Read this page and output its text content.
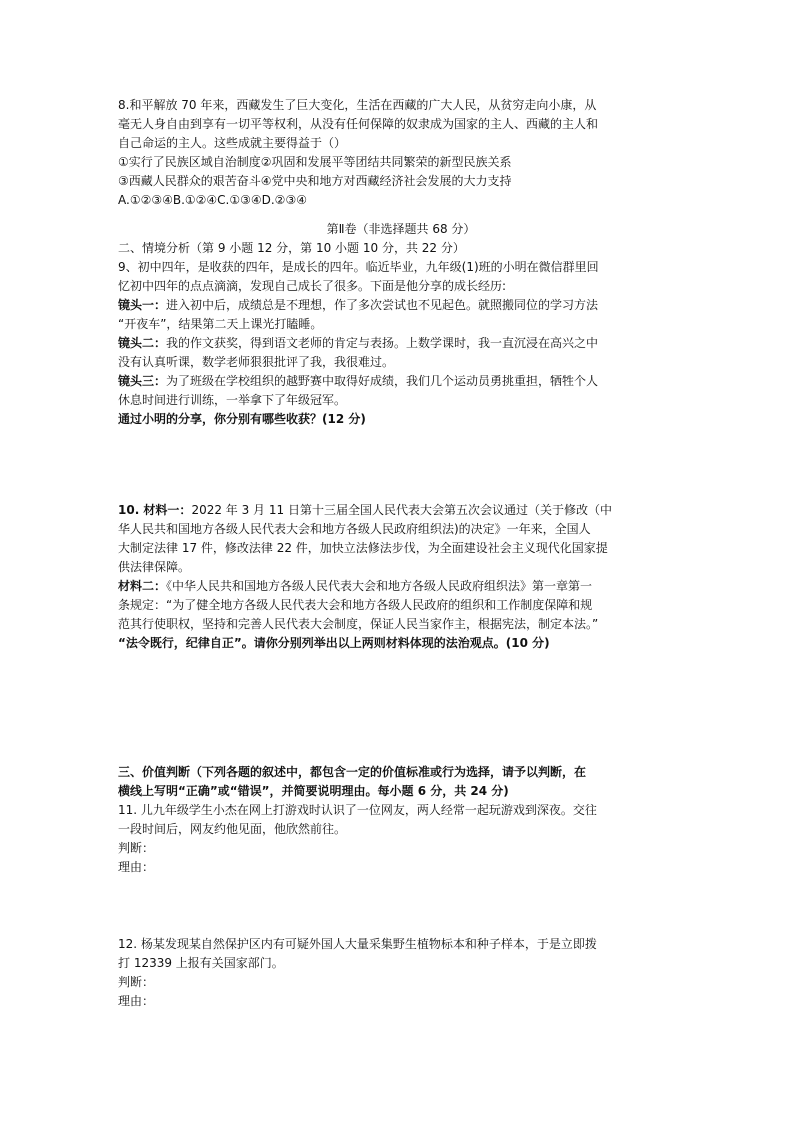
8.和平解放 70 年来，西藏发生了巨大变化，生活在西藏的广大人民，从贫穷走向小康，从

毫无人身自由到享有一切平等权利，从没有任何保障的奴隶成为国家的主人、西藏的主人和

自己命运的主人。这些成就主要得益于（）

①实行了民族区域自治制度②巩固和发展平等团结共同繁荣的新型民族关系

③西藏人民群众的艰苦奋斗④党中央和地方对西藏经济社会发展的大力支持

A.①②③④B.①②④C.①③④D.②③④

第Ⅱ卷（非选择题共 68 分）

二、情境分析（第 9 小题 12 分，第 10 小题 10 分，共 22 分）

9、初中四年，是收获的四年，是成长的四年。临近毕业，九年级(1)班的小明在微信群里回

忆初中四年的点点滴滴，发现自己成长了很多。下面是他分享的成长经历:

镜头一：进入初中后，成绩总是不理想，作了多次尝试也不见起色。就照搬同位的学习方法

“开夜车”，结果第二天上课光打瞌睡。

镜头二：我的作文获奖，得到语文老师的肯定与表扬。上数学课时，我一直沉浸在高兴之中

没有认真听课，数学老师狠狠批评了我，我很难过。

镜头三：为了班级在学校组织的越野赛中取得好成绩，我们几个运动员勇挑重担，牺牲个人

休息时间进行训练，一举拿下了年级冠军。

通过小明的分享，你分别有哪些收获？(12 分)

10. 材料一：2022 年 3 月 11 日第十三届全国人民代表大会第五次会议通过（关于修改（中

华人民共和国地方各级人民代表大会和地方各级人民政府组织法)的决定》一年来，全国人

大制定法律 17 件，修改法律 22 件，加快立法修法步伐，为全面建设社会主义现代化国家提

供法律保障。

材料二：《中华人民共和国地方各级人民代表大会和地方各级人民政府组织法》第一章第一

条规定：“为了健全地方各级人民代表大会和地方各级人民政府的组织和工作制度保障和规

范其行使职权，坚持和完善人民代表大会制度，保证人民当家作主，根据宪法，制定本法。”

“法令既行，纪律自正”。请你分别列举出以上两则材料体现的法治观点。(10 分)

三、价值判断（下列各题的叙述中，都包含一定的价值标准或行为选择，请予以判断，在

横线上写明“正确”或“错误”，并简要说明理由。每小题 6 分，共 24 分)

11. 儿九年级学生小杰在网上打游戏时认识了一位网友，两人经常一起玩游戏到深夜。交往

一段时间后，网友约他见面，他欣然前往。

判断：

理由：

12. 杨某发现某自然保护区内有可疑外国人大量采集野生植物标本和种子样本，于是立即拨

打 12339 上报有关国家部门。

判断：

理由：
